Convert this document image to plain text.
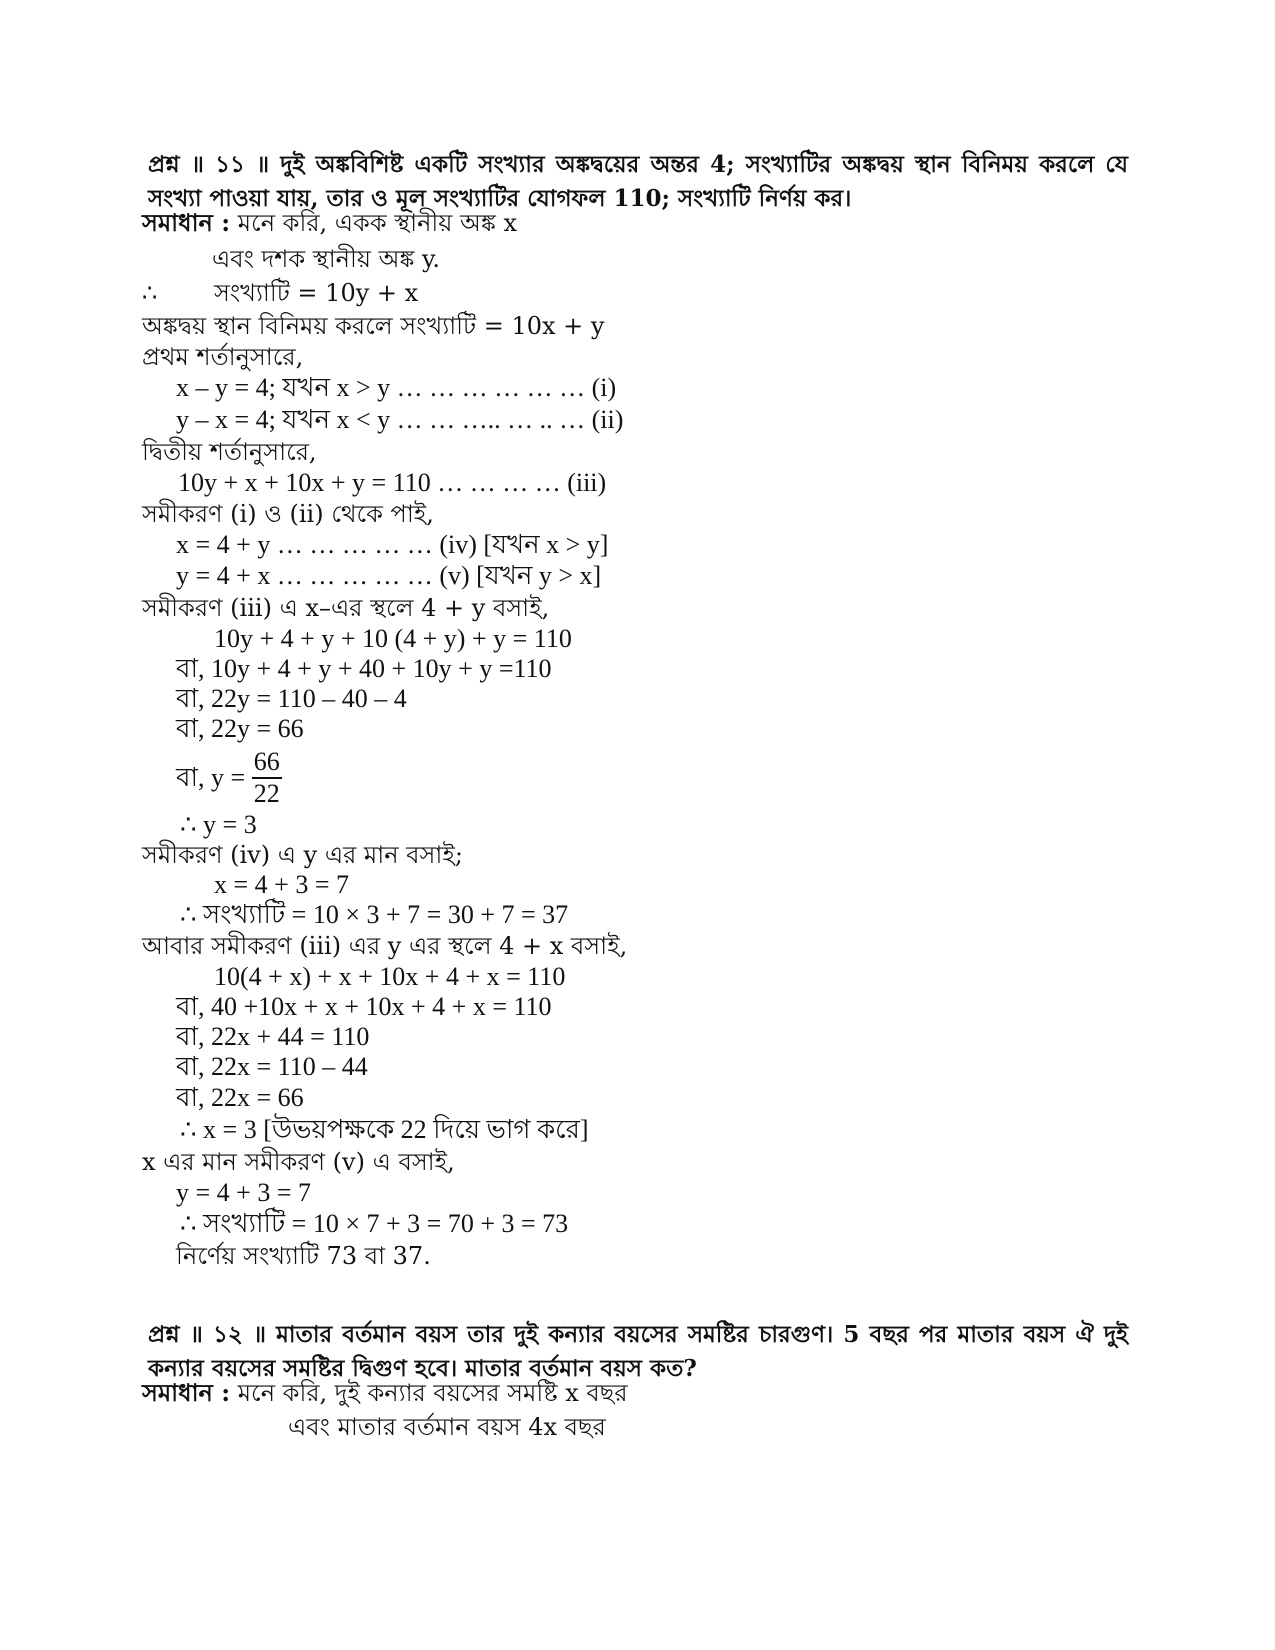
প্রশ্ন ॥ ১১ ॥ দুই অঙ্কবিশিষ্ট একটি সংখ্যার অঙ্কদ্বয়ের অন্তর 4; সংখ্যাটির অঙ্কদ্বয় স্থান বিনিময় করলে যে সংখ্যা পাওয়া যায়, তার ও মূল সংখ্যাটির যোগফল 110; সংখ্যাটি নির্ণয় কর।
সমাধান : মনে করি, একক স্থানীয় অঙ্ক x
এবং দশক স্থানীয় অঙ্ক y.
∴ সংখ্যাটি = 10y + x
অঙ্কদ্বয় স্থান বিনিময় করলে সংখ্যাটি = 10x + y
প্রথম শর্তানুসারে,
x – y = 4; যখন x > y … … … … … … (i)
y – x = 4; যখন x < y … … ….. … .. … (ii)
দ্বিতীয় শর্তানুসারে,
10y + x + 10x + y = 110 … … … … (iii)
সমীকরণ (i) ও (ii) থেকে পাই,
x = 4 + y … … … … … (iv) [যখন x > y]
y = 4 + x … … … … … (v) [যখন y > x]
সমীকরণ (iii) এ x–এর স্থলে 4 + y বসাই,
10y + 4 + y + 10 (4 + y) + y = 110
বা, 10y + 4 + y + 40 + 10y + y =110
বা, 22y = 110 – 40 – 4
বা, 22y = 66
বা, $y = \frac{66}{22}$
∴ y = 3
সমীকরণ (iv) এ y এর মান বসাই;
x = 4 + 3 = 7
∴ সংখ্যাটি = 10 × 3 + 7 = 30 + 7 = 37
আবার সমীকরণ (iii) এর y এর স্থলে 4 + x বসাই,
10(4 + x) + x + 10x + 4 + x = 110
বা, 40 +10x + x + 10x + 4 + x = 110
বা, 22x + 44 = 110
বা, 22x = 110 – 44
বা, 22x = 66
∴ x = 3 [উভয়পক্ষকে 22 দিয়ে ভাগ করে]
x এর মান সমীকরণ (v) এ বসাই,
y = 4 + 3 = 7
∴ সংখ্যাটি = 10 × 7 + 3 = 70 + 3 = 73
নির্ণেয় সংখ্যাটি 73 বা 37.
প্রশ্ন ॥ ১২ ॥ মাতার বর্তমান বয়স তার দুই কন্যার বয়সের সমষ্টির চারগুণ। 5 বছর পর মাতার বয়স ঐ দুই কন্যার বয়সের সমষ্টির দ্বিগুণ হবে। মাতার বর্তমান বয়স কত?
সমাধান : মনে করি, দুই কন্যার বয়সের সমষ্টি x বছর
এবং মাতার বর্তমান বয়স 4x বছর
